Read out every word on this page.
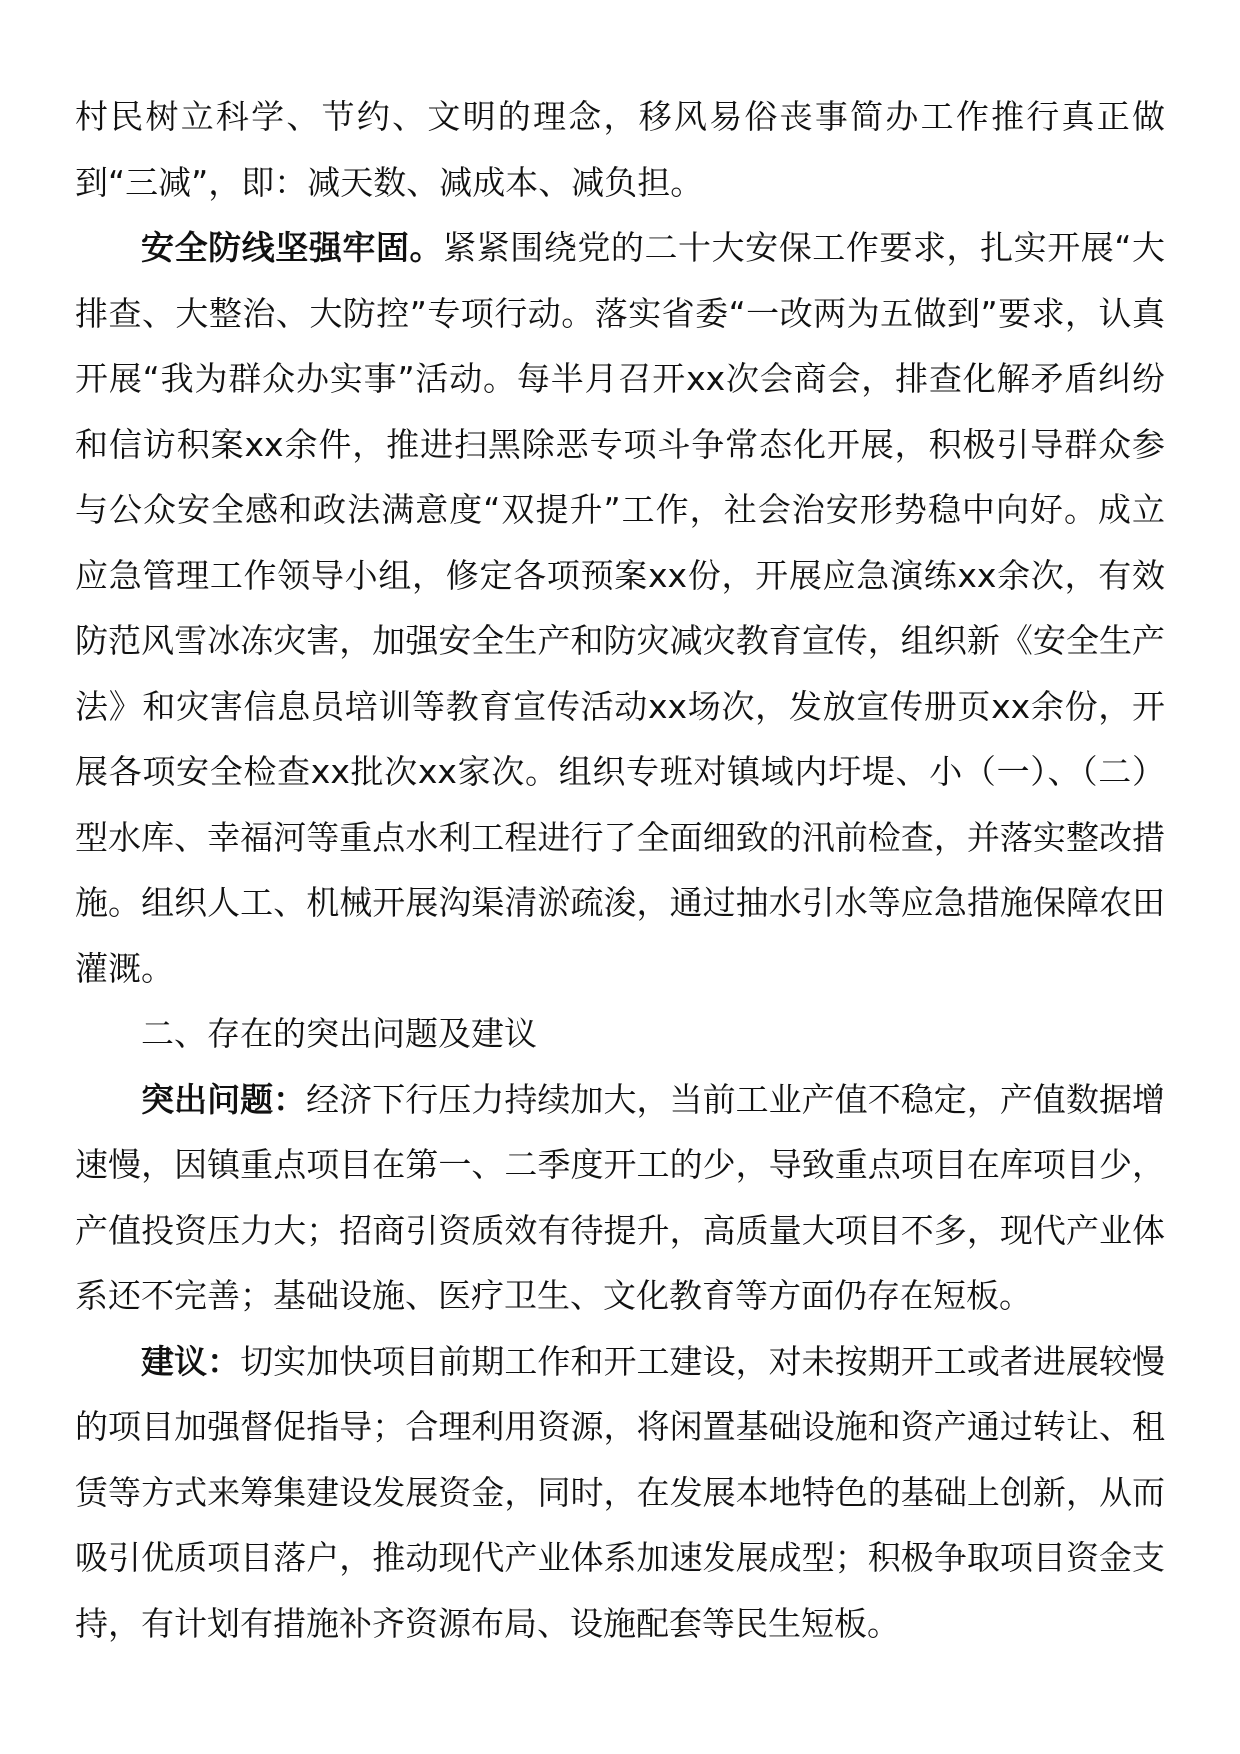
村民树立科学、节约、文明的理念，移风易俗丧事简办工作推行真正做到“三减”，即：减天数、减成本、减负担。

安全防线坚强牢固。紧紧围绕党的二十大安保工作要求，扎实开展“大排查、大整治、大防控”专项行动。落实省委“一改两为五做到”要求，认真开展“我为群众办实事”活动。每半月召开xx次会商会，排查化解矛盾纠纷和信访积案xx余件，推进扫黑除恶专项斗争常态化开展，积极引导群众参与公众安全感和政法满意度“双提升”工作，社会治安形势稳中向好。成立应急管理工作领导小组，修定各项预案xx份，开展应急演练xx余次，有效防范风雪冰冻灾害，加强安全生产和防灾减灾教育宣传，组织新《安全生产法》和灾害信息员培训等教育宣传活动xx场次，发放宣传册页xx余份，开展各项安全检查xx批次xx家次。组织专班对镇域内圩堤、小（一）、（二）型水库、幸福河等重点水利工程进行了全面细致的汛前检查，并落实整改措施。组织人工、机械开展沟渠清淤疏浚，通过抽水引水等应急措施保障农田灌溉。

二、存在的突出问题及建议

突出问题：经济下行压力持续加大，当前工业产值不稳定，产值数据增速慢，因镇重点项目在第一、二季度开工的少，导致重点项目在库项目少，产值投资压力大；招商引资质效有待提升，高质量大项目不多，现代产业体系还不完善；基础设施、医疗卫生、文化教育等方面仍存在短板。

建议：切实加快项目前期工作和开工建设，对未按期开工或者进展较慢的项目加强督促指导；合理利用资源，将闲置基础设施和资产通过转让、租赁等方式来筹集建设发展资金，同时，在发展本地特色的基础上创新，从而吸引优质项目落户，推动现代产业体系加速发展成型；积极争取项目资金支持，有计划有措施补齐资源布局、设施配套等民生短板。
